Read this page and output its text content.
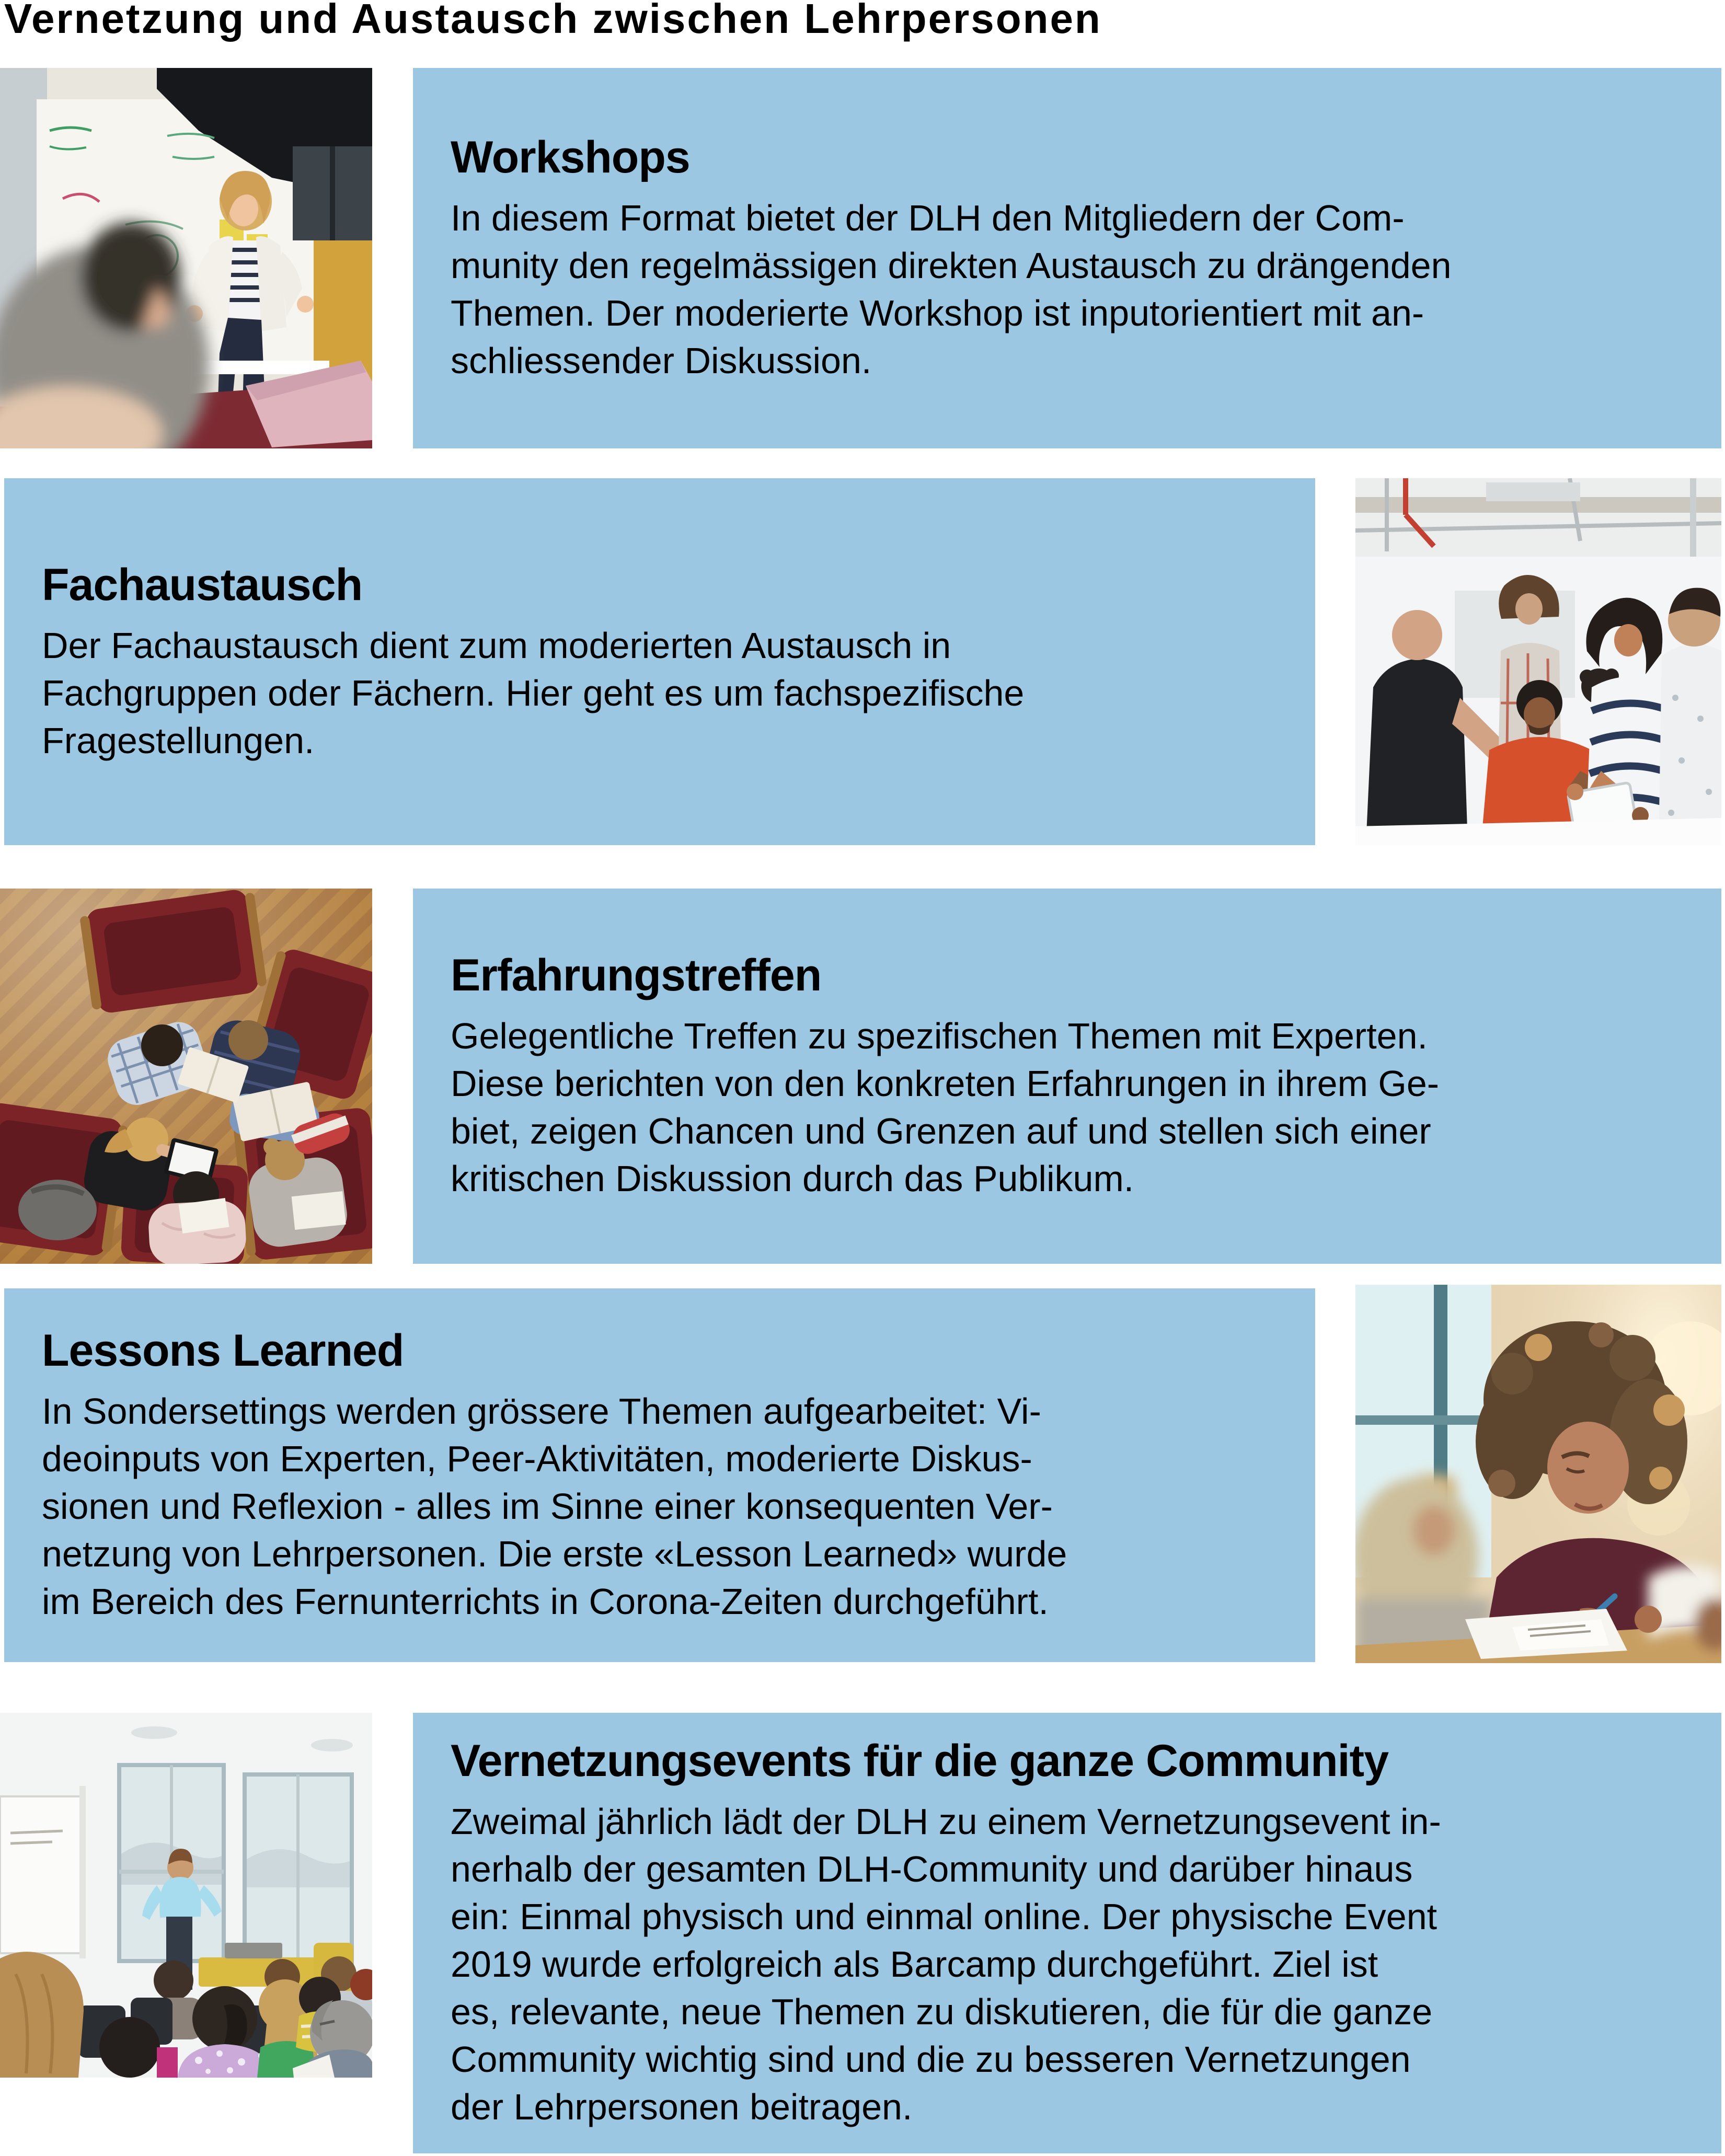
Vernetzung und Austausch zwischen Lehrpersonen
Workshops

In diesem Format bietet der DLH den Mitgliedern der Com-

munity den regelmässigen direkten Austausch zu drängenden

Themen. Der moderierte Workshop ist inputorientiert mit an-

schliessender Diskussion.

Fachaustausch

Der Fachaustausch dient zum moderierten Austausch in

Fachgruppen oder Fächern. Hier geht es um fachspezifische

Fragestellungen.

Erfahrungstreffen

Gelegentliche Treffen zu spezifischen Themen mit Experten.

Diese berichten von den konkreten Erfahrungen in ihrem Ge-

biet, zeigen Chancen und Grenzen auf und stellen sich einer

kritischen Diskussion durch das Publikum.

Lessons Learned

In Sondersettings werden grössere Themen aufgearbeitet: Vi-

deoinputs von Experten, Peer-Aktivitäten, moderierte Diskus-

sionen und Reflexion - alles im Sinne einer konsequenten Ver-

netzung von Lehrpersonen. Die erste «Lesson Learned» wurde

im Bereich des Fernunterrichts in Corona-Zeiten durchgeführt.

Vernetzungsevents für die ganze Community

Zweimal jährlich lädt der DLH zu einem Vernetzungsevent in-

nerhalb der gesamten DLH-Community und darüber hinaus

ein: Einmal physisch und einmal online. Der physische Event

2019 wurde erfolgreich als Barcamp durchgeführt. Ziel ist

es, relevante, neue Themen zu diskutieren, die für die ganze

Community wichtig sind und die zu besseren Vernetzungen

der Lehrpersonen beitragen.
